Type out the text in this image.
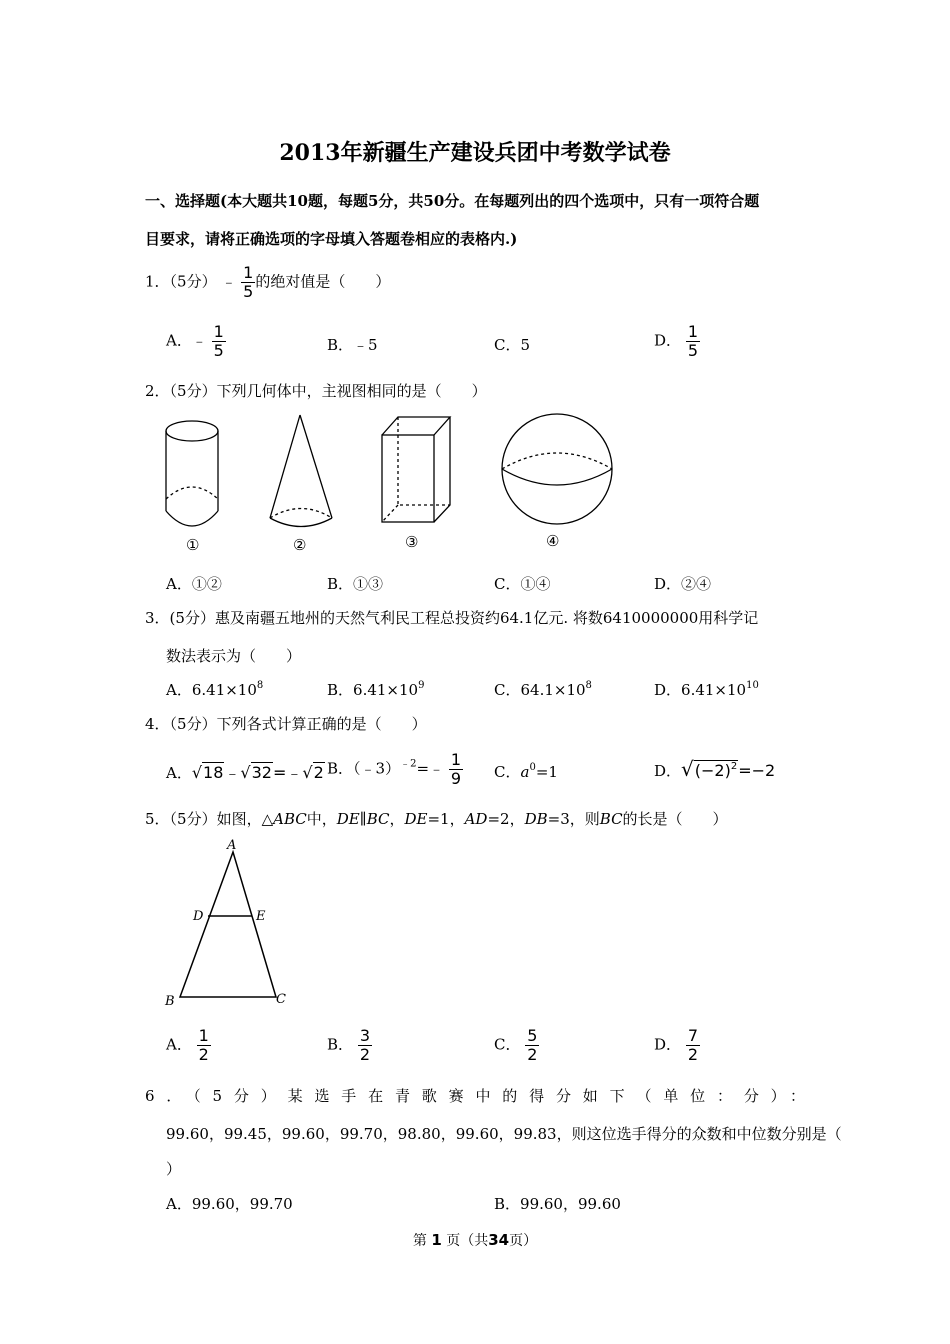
2013年新疆生产建设兵团中考数学试卷
一、选择题(本大题共10题，每题5分，共50分。在每题列出的四个选项中，只有一项符合题
目要求，请将正确选项的字母填入答题卷相应的表格内.)
1．（5分） ﹣ $\frac{1}{5}$ 的绝对值是（　　）
A．﹣ $\frac{1}{5}$	B．﹣5	C．5	D． $\frac{1}{5}$
2．（5分）下列几何体中，主视图相同的是（　　）
①	②	③	④
A．①②	B．①③	C．①④	D．②④
3．(5分）惠及南疆五地州的天然气利民工程总投资约64.1亿元. 将数6410000000用科学记
数法表示为（　　）
A．$6.41\times 10^8$	B．$6.41\times 10^9$	C．$64.1\times 10^8$	D．$6.41\times 10^{10}$
4．（5分）下列各式计算正确的是（　　）
A．√18﹣√32=﹣√2 B．（﹣3）$^{﹣2}$=﹣ $\frac{1}{9}$ C．$a^0=1$	D．$√(-2)^2=-2$
5．（5分）如图，△ABC中，DE∥BC，DE=1，AD=2，DB=3，则BC的长是（　　）
A
D	E
B	C
A． $\frac{1}{2}$	B． $\frac{3}{2}$	C． $\frac{5}{2}$	D． $\frac{7}{2}$
6．（5分）某选手在青歌赛中的得分如下（单位：分）：
99.60，99.45，99.60，99.70，98.80，99.60，99.83，则这位选手得分的众数和中位数分别是（
）
A．99.60，99.70	B．99.60，99.60
第 1 页（共34页）
